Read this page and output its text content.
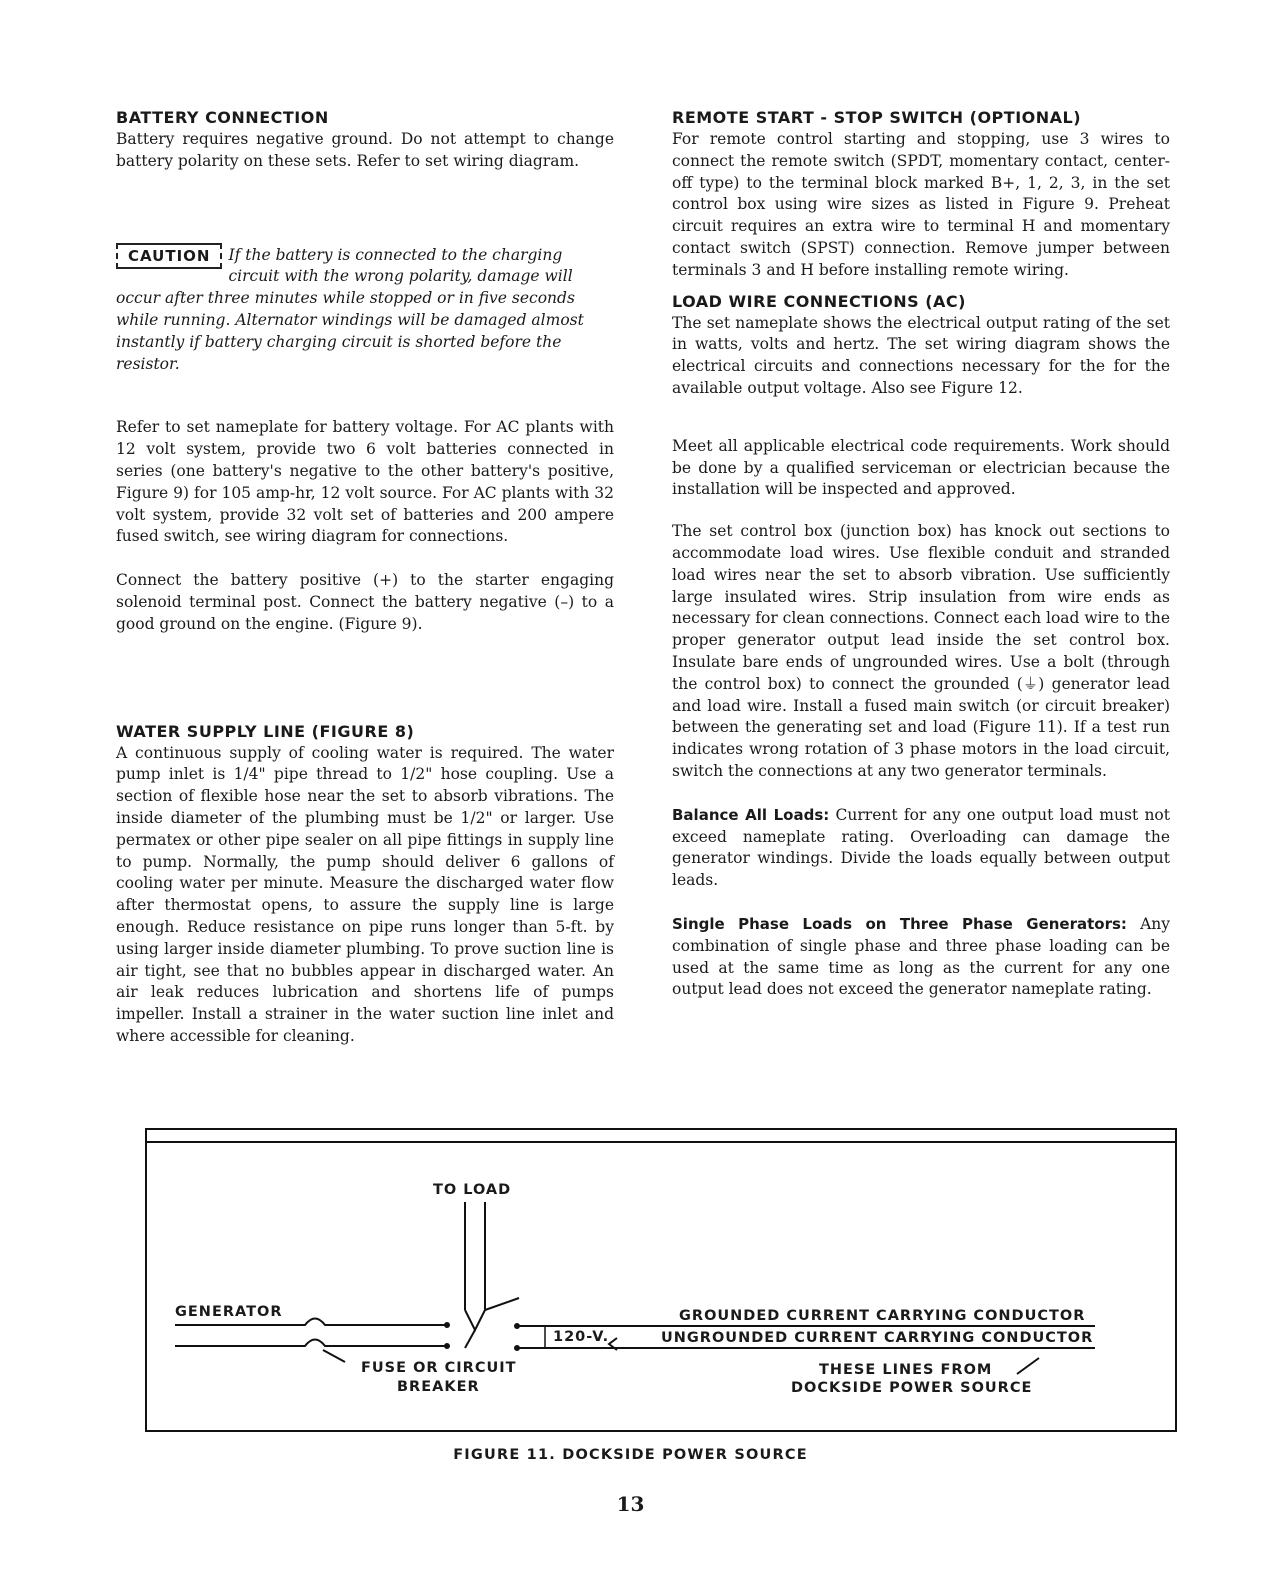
BATTERY CONNECTION

Battery requires negative ground. Do not attempt to change battery polarity on these sets. Refer to set wiring diagram.

CAUTION	If the battery is connected to the charging circuit with the wrong polarity, damage will occur after three minutes while stopped or in five seconds while running. Alternator windings will be damaged almost instantly if battery charging circuit is shorted before the resistor.

Refer to set nameplate for battery voltage. For AC plants with 12 volt system, provide two 6 volt batteries connected in series (one battery's negative to the other battery's positive, Figure 9) for 105 amp-hr, 12 volt source. For AC plants with 32 volt system, provide 32 volt set of batteries and 200 ampere fused switch, see wiring diagram for connections.

Connect the battery positive (+) to the starter engaging solenoid terminal post. Connect the battery negative (–) to a good ground on the engine. (Figure 9).

WATER SUPPLY LINE (FIGURE 8)

A continuous supply of cooling water is required. The water pump inlet is 1/4" pipe thread to 1/2" hose coupling. Use a section of flexible hose near the set to absorb vibrations. The inside diameter of the plumbing must be 1/2" or larger. Use permatex or other pipe sealer on all pipe fittings in supply line to pump. Normally, the pump should deliver 6 gallons of cooling water per minute. Measure the discharged water flow after thermostat opens, to assure the supply line is large enough. Reduce resistance on pipe runs longer than 5-ft. by using larger inside diameter plumbing. To prove suction line is air tight, see that no bubbles appear in discharged water. An air leak reduces lubrication and shortens life of pumps impeller. Install a strainer in the water suction line inlet and where accessible for cleaning.

REMOTE START - STOP SWITCH (OPTIONAL)

For remote control starting and stopping, use 3 wires to connect the remote switch (SPDT, momentary contact, center-off type) to the terminal block marked B+, 1, 2, 3, in the set control box using wire sizes as listed in Figure 9. Preheat circuit requires an extra wire to terminal H and momentary contact switch (SPST) connection. Remove jumper between terminals 3 and H before installing remote wiring.

LOAD WIRE CONNECTIONS (AC)

The set nameplate shows the electrical output rating of the set in watts, volts and hertz. The set wiring diagram shows the electrical circuits and connections necessary for the for the available output voltage. Also see Figure 12.

Meet all applicable electrical code requirements. Work should be done by a qualified serviceman or electrician because the installation will be inspected and approved.

The set control box (junction box) has knock out sections to accommodate load wires. Use flexible conduit and stranded load wires near the set to absorb vibration. Use sufficiently large insulated wires. Strip insulation from wire ends as necessary for clean connections. Connect each load wire to the proper generator output lead inside the set control box. Insulate bare ends of ungrounded wires. Use a bolt (through the control box) to connect the grounded (⏚) generator lead and load wire. Install a fused main switch (or circuit breaker) between the generating set and load (Figure 11). If a test run indicates wrong rotation of 3 phase motors in the load circuit, switch the connections at any two generator terminals.

Balance All Loads: Current for any one output load must not exceed nameplate rating. Overloading can damage the generator windings. Divide the loads equally between output leads.

Single Phase Loads on Three Phase Generators: Any combination of single phase and three phase loading can be used at the same time as long as the current for any one output lead does not exceed the generator nameplate rating.

TO LOAD
GENERATOR
FUSE OR CIRCUIT
BREAKER
120-V.
GROUNDED CURRENT CARRYING CONDUCTOR
UNGROUNDED CURRENT CARRYING CONDUCTOR
THESE LINES FROM
DOCKSIDE POWER SOURCE
FIGURE 11. DOCKSIDE POWER SOURCE
13
